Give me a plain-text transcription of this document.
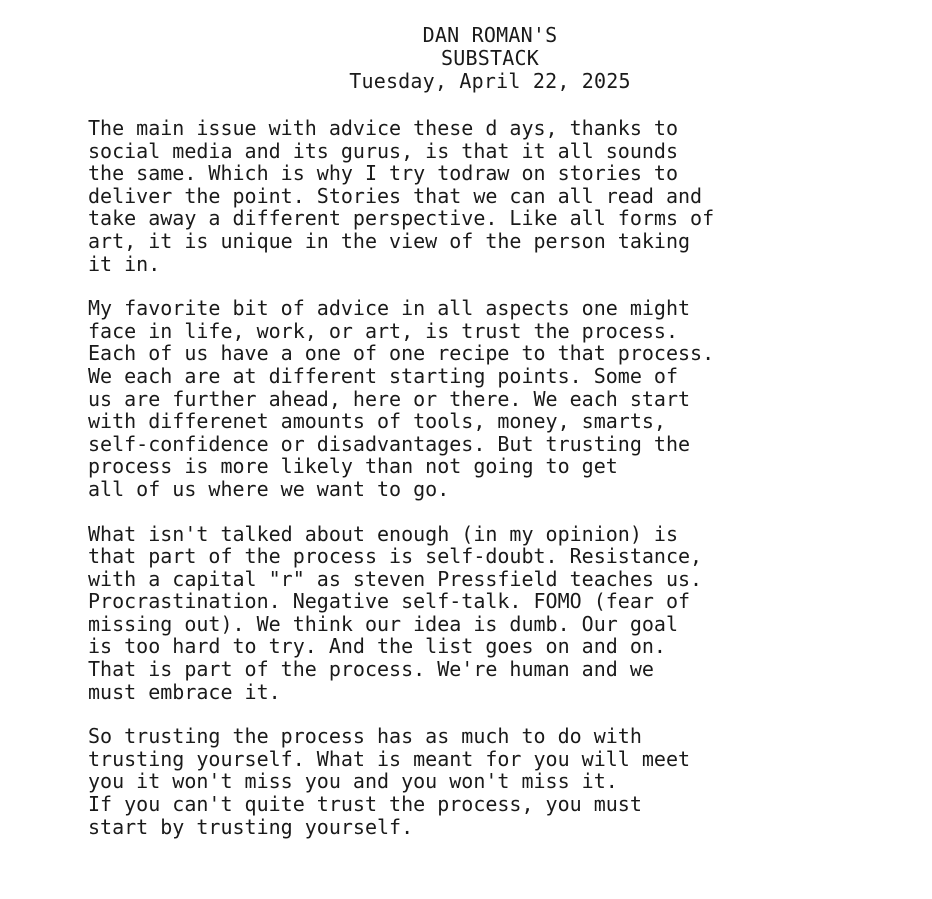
DAN ROMAN'S
SUBSTACK
Tuesday, April 22, 2025
The main issue with advice these d ays, thanks to
social media and its gurus, is that it all sounds
the same. Which is why I try todraw on stories to
deliver the point. Stories that we can all read and
take away a different perspective. Like all forms of
art, it is unique in the view of the person taking
it in.
My favorite bit of advice in all aspects one might
face in life, work, or art, is trust the process.
Each of us have a one of one recipe to that process.
We each are at different starting points. Some of
us are further ahead, here or there. We each start
with differenet amounts of tools, money, smarts,
self-confidence or disadvantages. But trusting the
process is more likely than not going to get
all of us where we want to go.
What isn't talked about enough (in my opinion) is
that part of the process is self-doubt. Resistance,
with a capital "r" as steven Pressfield teaches us.
Procrastination. Negative self-talk. FOMO (fear of
missing out). We think our idea is dumb. Our goal
is too hard to try. And the list goes on and on.
That is part of the process. We're human and we
must embrace it.
So trusting the process has as much to do with
trusting yourself. What is meant for you will meet
you it won't miss you and you won't miss it.
If you can't quite trust the process, you must
start by trusting yourself.
